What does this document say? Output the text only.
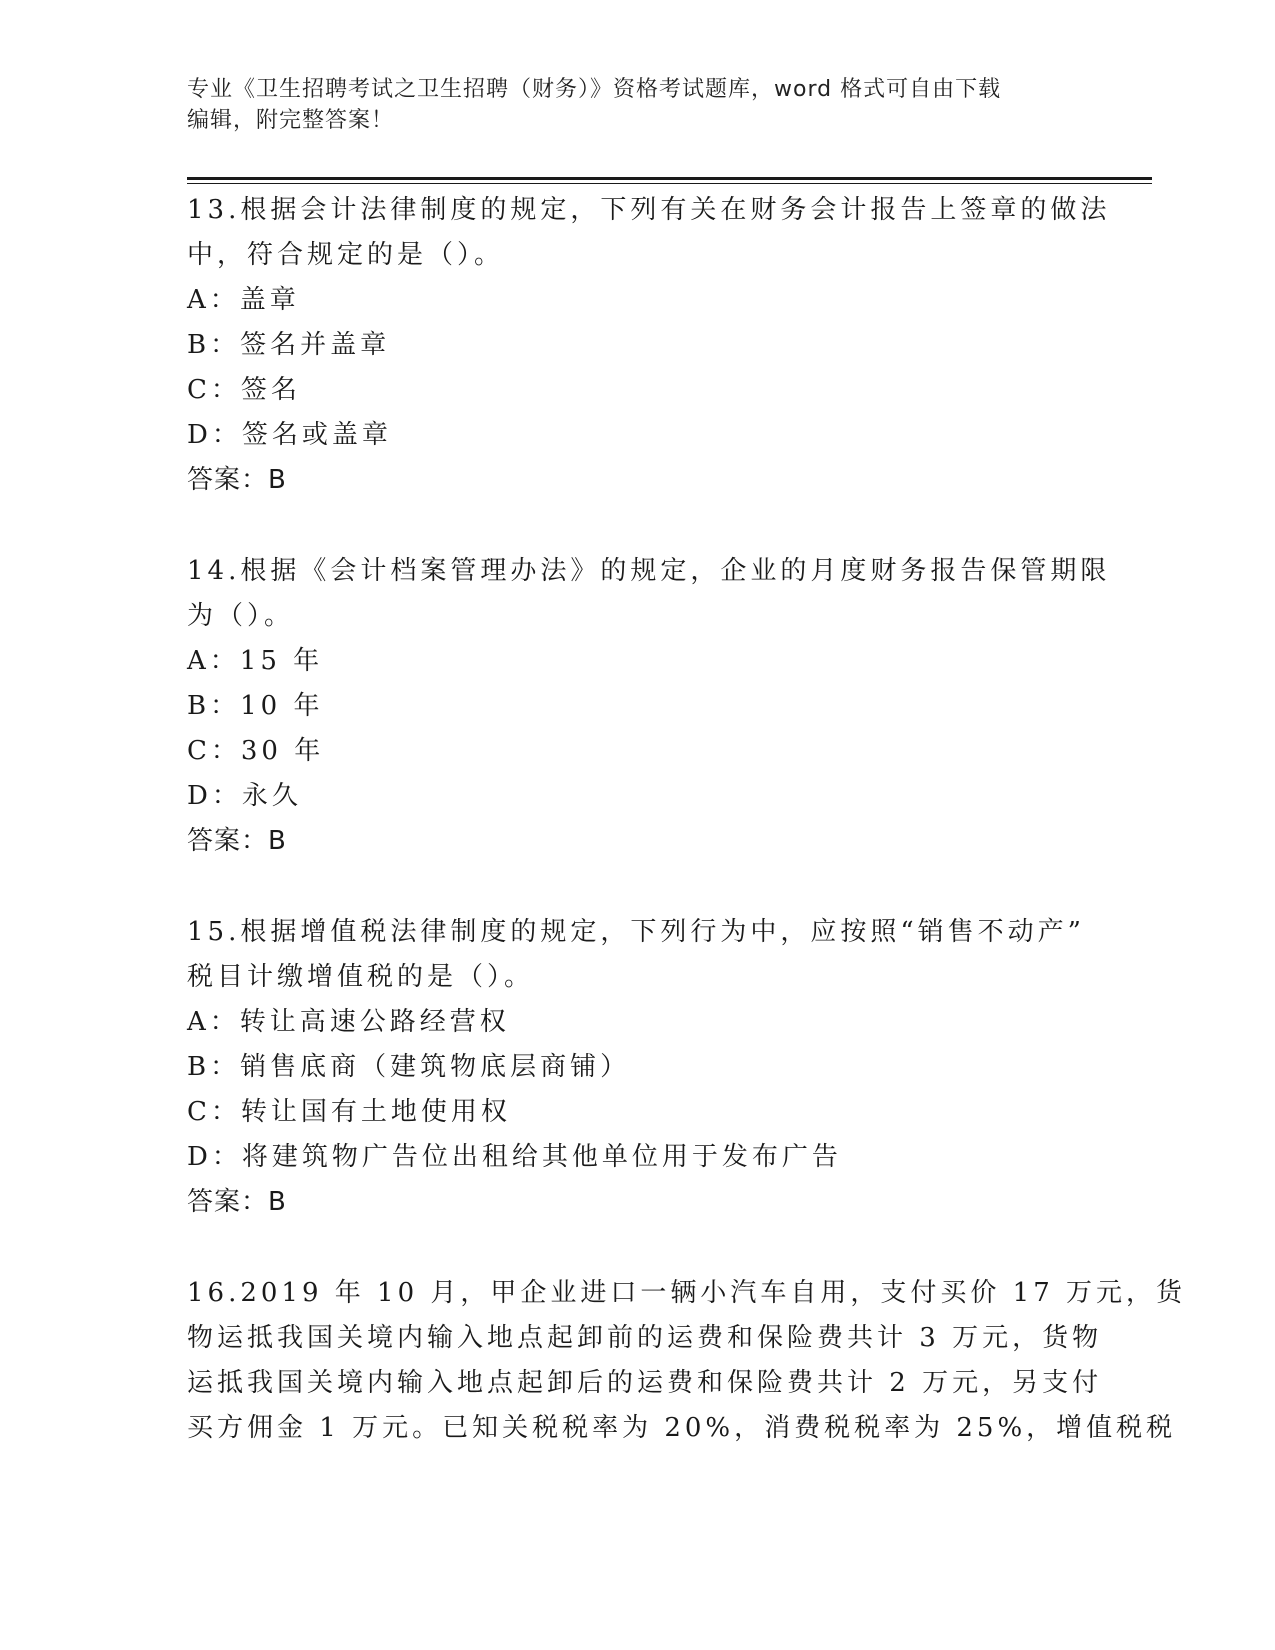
专业《卫生招聘考试之卫生招聘（财务）》资格考试题库，word 格式可自由下载

编辑，附完整答案！

13.根据会计法律制度的规定，下列有关在财务会计报告上签章的做法

中，符合规定的是（）。

A：盖章

B：签名并盖章

C：签名

D：签名或盖章

答案：B

14.根据《会计档案管理办法》的规定，企业的月度财务报告保管期限

为（）。

A：15 年

B：10 年

C：30 年

D：永久

答案：B

15.根据增值税法律制度的规定，下列行为中，应按照“销售不动产”

税目计缴增值税的是（）。

A：转让高速公路经营权

B：销售底商（建筑物底层商铺）

C：转让国有土地使用权

D：将建筑物广告位出租给其他单位用于发布广告

答案：B

16.2019 年 10 月，甲企业进口一辆小汽车自用，支付买价 17 万元，货

物运抵我国关境内输入地点起卸前的运费和保险费共计 3 万元，货物

运抵我国关境内输入地点起卸后的运费和保险费共计 2 万元，另支付

买方佣金 1 万元。已知关税税率为 20%，消费税税率为 25%，增值税税
